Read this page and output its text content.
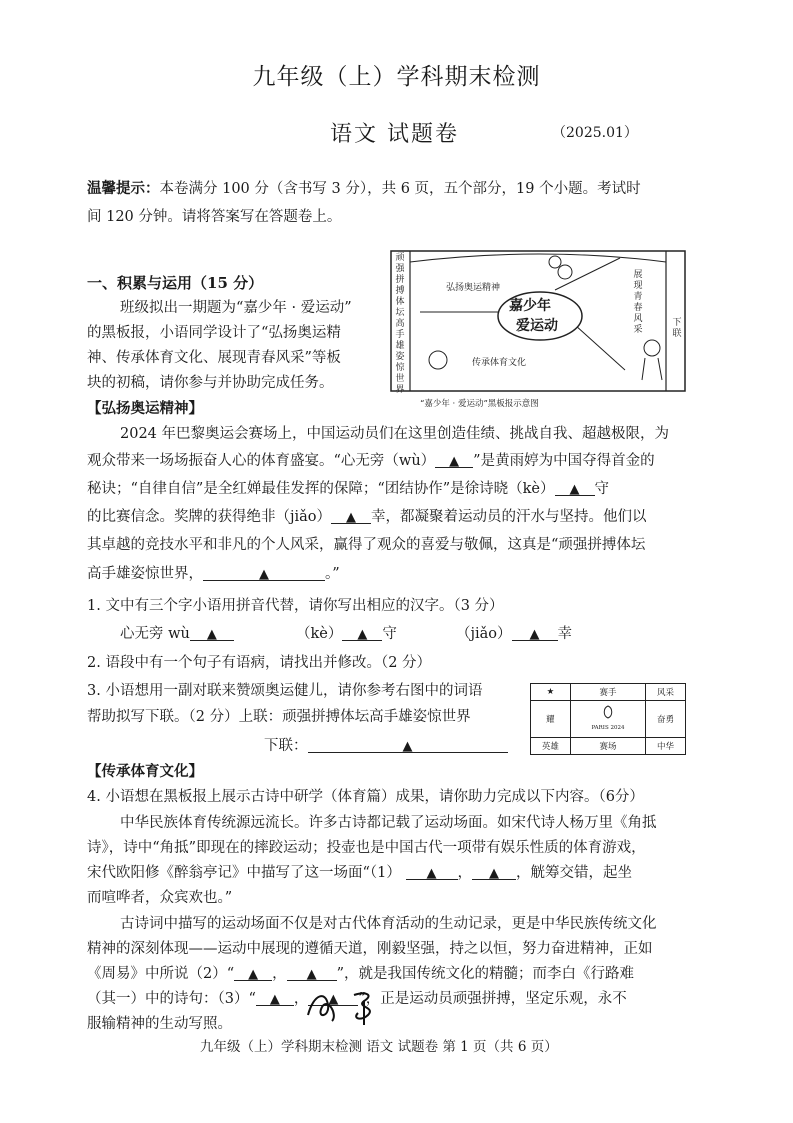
九年级（上）学科期末检测
语文 试题卷	（2025.01）
温馨提示：本卷满分 100 分（含书写 3 分），共 6 页，五个部分，19 个小题。考试时
间 120 分钟。请将答案写在答题卷上。
一、积累与运用（15 分）
班级拟出一期题为“嘉少年 · 爱运动”
的黑板报，小语同学设计了“弘扬奥运精
神、传承体育文化、展现青春风采”等板
块的初稿，请你参与并协助完成任务。
顽强拼搏体坛高手雄姿惊世界
弘扬奥运精神
嘉少年
爱运动
传承体育文化
展现青春风采
下联
“嘉少年 · 爱运动”黑板报示意图
【弘扬奥运精神】
2024 年巴黎奥运会赛场上，中国运动员们在这里创造佳绩、挑战自我、超越极限，为
观众带来一场场振奋人心的体育盛宴。“心无旁（wù） ▲ ”是黄雨婷为中国夺得首金的
秘诀；“自律自信”是全红婵最佳发挥的保障；“团结协作”是徐诗晓（kè） ▲ 守
的比赛信念。奖牌的获得绝非（jiǎo） ▲ 幸，都凝聚着运动员的汗水与坚持。他们以
其卓越的竞技水平和非凡的个人风采，赢得了观众的喜爱与敬佩，这真是“顽强拼搏体坛
高手雄姿惊世界，	▲	。”
1. 文中有三个字小语用拼音代替，请你写出相应的汉字。（3 分）
心无旁 wù ▲	（kè） ▲ 守	（jiǎo） ▲ 幸
2. 语段中有一个句子有语病，请找出并修改。（2 分）
3. 小语想用一副对联来赞颂奥运健儿，请你参考右图中的词语
帮助拟写下联。（2 分）上联：顽强拼搏体坛高手雄姿惊世界
下联：	▲
★	赛手	风采
耀	PARIS 2024	奋勇
英雄	赛场	中华
【传承体育文化】
4. 小语想在黑板报上展示古诗中研学（体育篇）成果，请你助力完成以下内容。（6分）
中华民族体育传统源远流长。许多古诗都记载了运动场面。如宋代诗人杨万里《角抵
诗》，诗中“角抵”即现在的摔跤运动；投壶也是中国古代一项带有娱乐性质的体育游戏，
宋代欧阳修《醉翁亭记》中描写了这一场面“（1） ▲ ， ▲ ，觥筹交错，起坐
而喧哗者，众宾欢也。”
古诗词中描写的运动场面不仅是对古代体育活动的生动记录，更是中华民族传统文化
精神的深刻体现——运动中展现的遵循天道，刚毅坚强，持之以恒，努力奋进精神，正如
《周易》中所说（2）“ ▲ ， ▲ ”，就是我国传统文化的精髓；而李白《行路难
（其一）中的诗句：（3）“ ▲ ， ▲ ”，正是运动员顽强拼搏，坚定乐观，永不
服输精神的生动写照。
九年级（上）学科期末检测 语文 试题卷 第 1 页（共 6 页）
